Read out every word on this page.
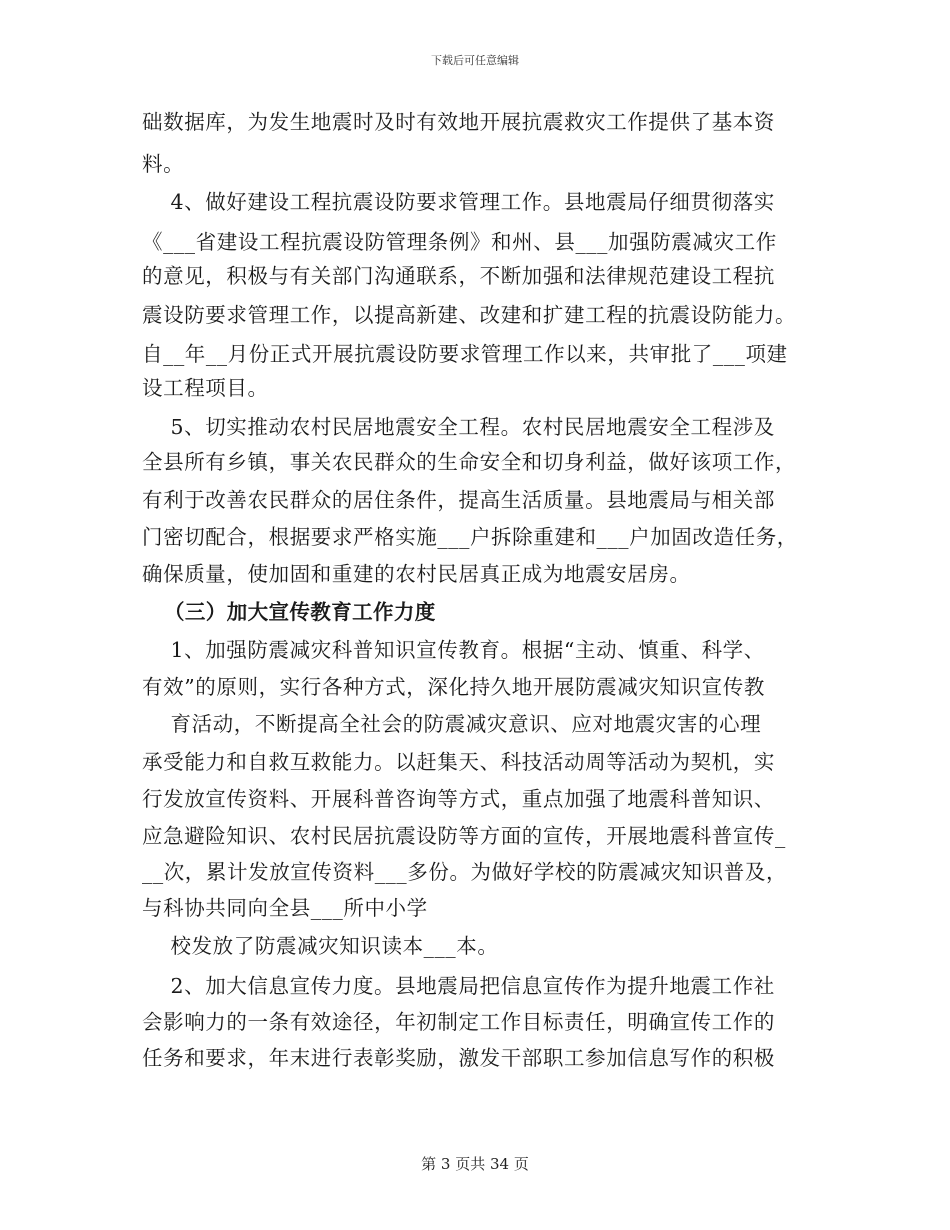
下载后可任意编辑
础数据库，为发生地震时及时有效地开展抗震救灾工作提供了基本资
料。
4、做好建设工程抗震设防要求管理工作。县地震局仔细贯彻落实
《___省建设工程抗震设防管理条例》和州、县___加强防震减灾工作
的意见，积极与有关部门沟通联系，不断加强和法律规范建设工程抗
震设防要求管理工作，以提高新建、改建和扩建工程的抗震设防能力。
自__年__月份正式开展抗震设防要求管理工作以来，共审批了___项建
设工程项目。
5、切实推动农村民居地震安全工程。农村民居地震安全工程涉及
全县所有乡镇，事关农民群众的生命安全和切身利益，做好该项工作，
有利于改善农民群众的居住条件，提高生活质量。县地震局与相关部
门密切配合，根据要求严格实施___户拆除重建和___户加固改造任务，
确保质量，使加固和重建的农村民居真正成为地震安居房。
（三）加大宣传教育工作力度
1、加强防震减灾科普知识宣传教育。根据“主动、慎重、科学、
有效”的原则，实行各种方式，深化持久地开展防震减灾知识宣传教
育活动，不断提高全社会的防震减灾意识、应对地震灾害的心理
承受能力和自救互救能力。以赶集天、科技活动周等活动为契机，实
行发放宣传资料、开展科普咨询等方式，重点加强了地震科普知识、
应急避险知识、农村民居抗震设防等方面的宣传，开展地震科普宣传_
__次，累计发放宣传资料___多份。为做好学校的防震减灾知识普及，
与科协共同向全县___所中小学
校发放了防震减灾知识读本___本。
2、加大信息宣传力度。县地震局把信息宣传作为提升地震工作社
会影响力的一条有效途径，年初制定工作目标责任，明确宣传工作的
任务和要求，年末进行表彰奖励，激发干部职工参加信息写作的积极
第 3 页共 34 页
